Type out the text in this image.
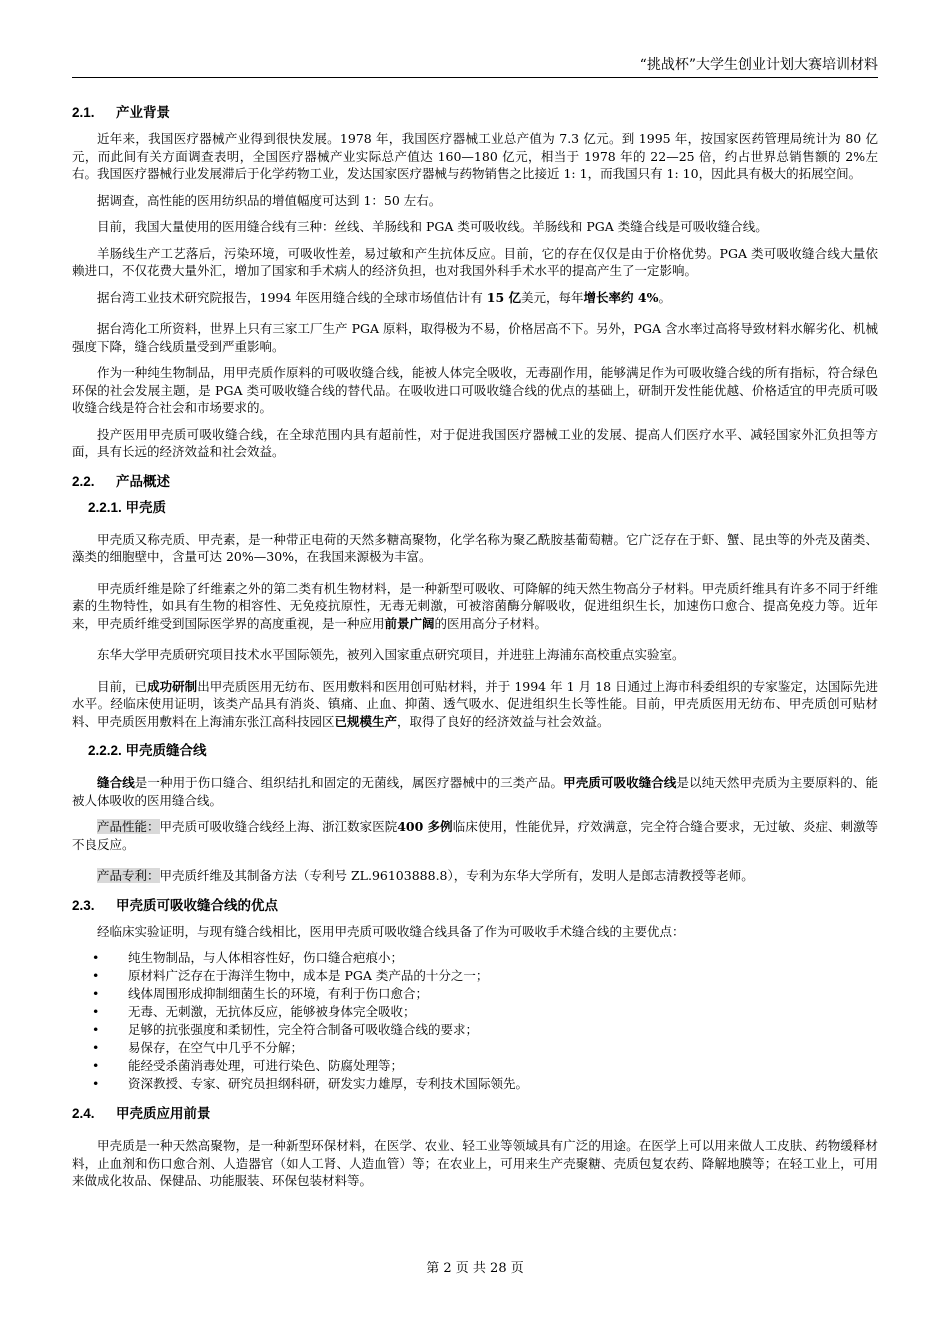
“挑战杯”大学生创业计划大赛培训材料
2.1. 产业背景

近年来，我国医疗器械产业得到很快发展。1978 年，我国医疗器械工业总产值为 7.3 亿元。到 1995 年，按国家医药管理局统计为 80 亿元，而此间有关方面调查表明，全国医疗器械产业实际总产值达 160—180 亿元，相当于 1978 年的 22—25 倍，约占世界总销售额的 2%左右。我国医疗器械行业发展滞后于化学药物工业，发达国家医疗器械与药物销售之比接近 1: 1，而我国只有 1: 10，因此具有极大的拓展空间。

据调查，高性能的医用纺织品的增值幅度可达到 1：50 左右。

目前，我国大量使用的医用缝合线有三种：丝线、羊肠线和 PGA 类可吸收线。羊肠线和 PGA 类缝合线是可吸收缝合线。

羊肠线生产工艺落后，污染环境，可吸收性差，易过敏和产生抗体反应。目前，它的存在仅仅是由于价格优势。PGA 类可吸收缝合线大量依赖进口，不仅花费大量外汇，增加了国家和手术病人的经济负担，也对我国外科手术水平的提高产生了一定影响。

据台湾工业技术研究院报告，1994 年医用缝合线的全球市场值估计有 15 亿美元，每年增长率约 4%。

据台湾化工所资料，世界上只有三家工厂生产 PGA 原料，取得极为不易，价格居高不下。另外，PGA 含水率过高将导致材料水解劣化、机械强度下降，缝合线质量受到严重影响。

作为一种纯生物制品，用甲壳质作原料的可吸收缝合线，能被人体完全吸收，无毒副作用，能够满足作为可吸收缝合线的所有指标，符合绿色环保的社会发展主题，是 PGA 类可吸收缝合线的替代品。在吸收进口可吸收缝合线的优点的基础上，研制开发性能优越、价格适宜的甲壳质可吸收缝合线是符合社会和市场要求的。

投产医用甲壳质可吸收缝合线，在全球范围内具有超前性，对于促进我国医疗器械工业的发展、提高人们医疗水平、减轻国家外汇负担等方面，具有长远的经济效益和社会效益。

2.2. 产品概述
2.2.1. 甲壳质

甲壳质又称壳质、甲壳素，是一种带正电荷的天然多糖高聚物，化学名称为聚乙酰胺基葡萄糖。它广泛存在于虾、蟹、昆虫等的外壳及菌类、藻类的细胞壁中，含量可达 20%—30%，在我国来源极为丰富。

甲壳质纤维是除了纤维素之外的第二类有机生物材料，是一种新型可吸收、可降解的纯天然生物高分子材料。甲壳质纤维具有许多不同于纤维素的生物特性，如具有生物的相容性、无免疫抗原性，无毒无刺激，可被溶菌酶分解吸收，促进组织生长，加速伤口愈合、提高免疫力等。近年来，甲壳质纤维受到国际医学界的高度重视，是一种应用前景广阔的医用高分子材料。

东华大学甲壳质研究项目技术水平国际领先，被列入国家重点研究项目，并进驻上海浦东高校重点实验室。

目前，已成功研制出甲壳质医用无纺布、医用敷料和医用创可贴材料，并于 1994 年 1 月 18 日通过上海市科委组织的专家鉴定，达国际先进水平。经临床使用证明，该类产品具有消炎、镇痛、止血、抑菌、透气吸水、促进组织生长等性能。目前，甲壳质医用无纺布、甲壳质创可贴材料、甲壳质医用敷料在上海浦东张江高科技园区已规模生产，取得了良好的经济效益与社会效益。

2.2.2. 甲壳质缝合线

缝合线是一种用于伤口缝合、组织结扎和固定的无菌线，属医疗器械中的三类产品。甲壳质可吸收缝合线是以纯天然甲壳质为主要原料的、能被人体吸收的医用缝合线。

产品性能：甲壳质可吸收缝合线经上海、浙江数家医院400 多例临床使用，性能优异，疗效满意，完全符合缝合要求，无过敏、炎症、刺激等不良反应。

产品专利：甲壳质纤维及其制备方法（专利号 ZL.96103888.8），专利为东华大学所有，发明人是郎志清教授等老师。

2.3. 甲壳质可吸收缝合线的优点

经临床实验证明，与现有缝合线相比，医用甲壳质可吸收缝合线具备了作为可吸收手术缝合线的主要优点：

• 纯生物制品，与人体相容性好，伤口缝合疤痕小；
• 原材料广泛存在于海洋生物中，成本是 PGA 类产品的十分之一；
• 线体周围形成抑制细菌生长的环境，有利于伤口愈合；
• 无毒、无刺激，无抗体反应，能够被身体完全吸收；
• 足够的抗张强度和柔韧性，完全符合制备可吸收缝合线的要求；
• 易保存，在空气中几乎不分解；
• 能经受杀菌消毒处理，可进行染色、防腐处理等；
• 资深教授、专家、研究员担纲科研，研发实力雄厚，专利技术国际领先。
2.4. 甲壳质应用前景

甲壳质是一种天然高聚物，是一种新型环保材料，在医学、农业、轻工业等领域具有广泛的用途。在医学上可以用来做人工皮肤、药物缓释材料，止血剂和伤口愈合剂、人造器官（如人工肾、人造血管）等；在农业上，可用来生产壳聚糖、壳质包复农药、降解地膜等；在轻工业上，可用来做成化妆品、保健品、功能服装、环保包装材料等。

第 2 页 共 28 页
